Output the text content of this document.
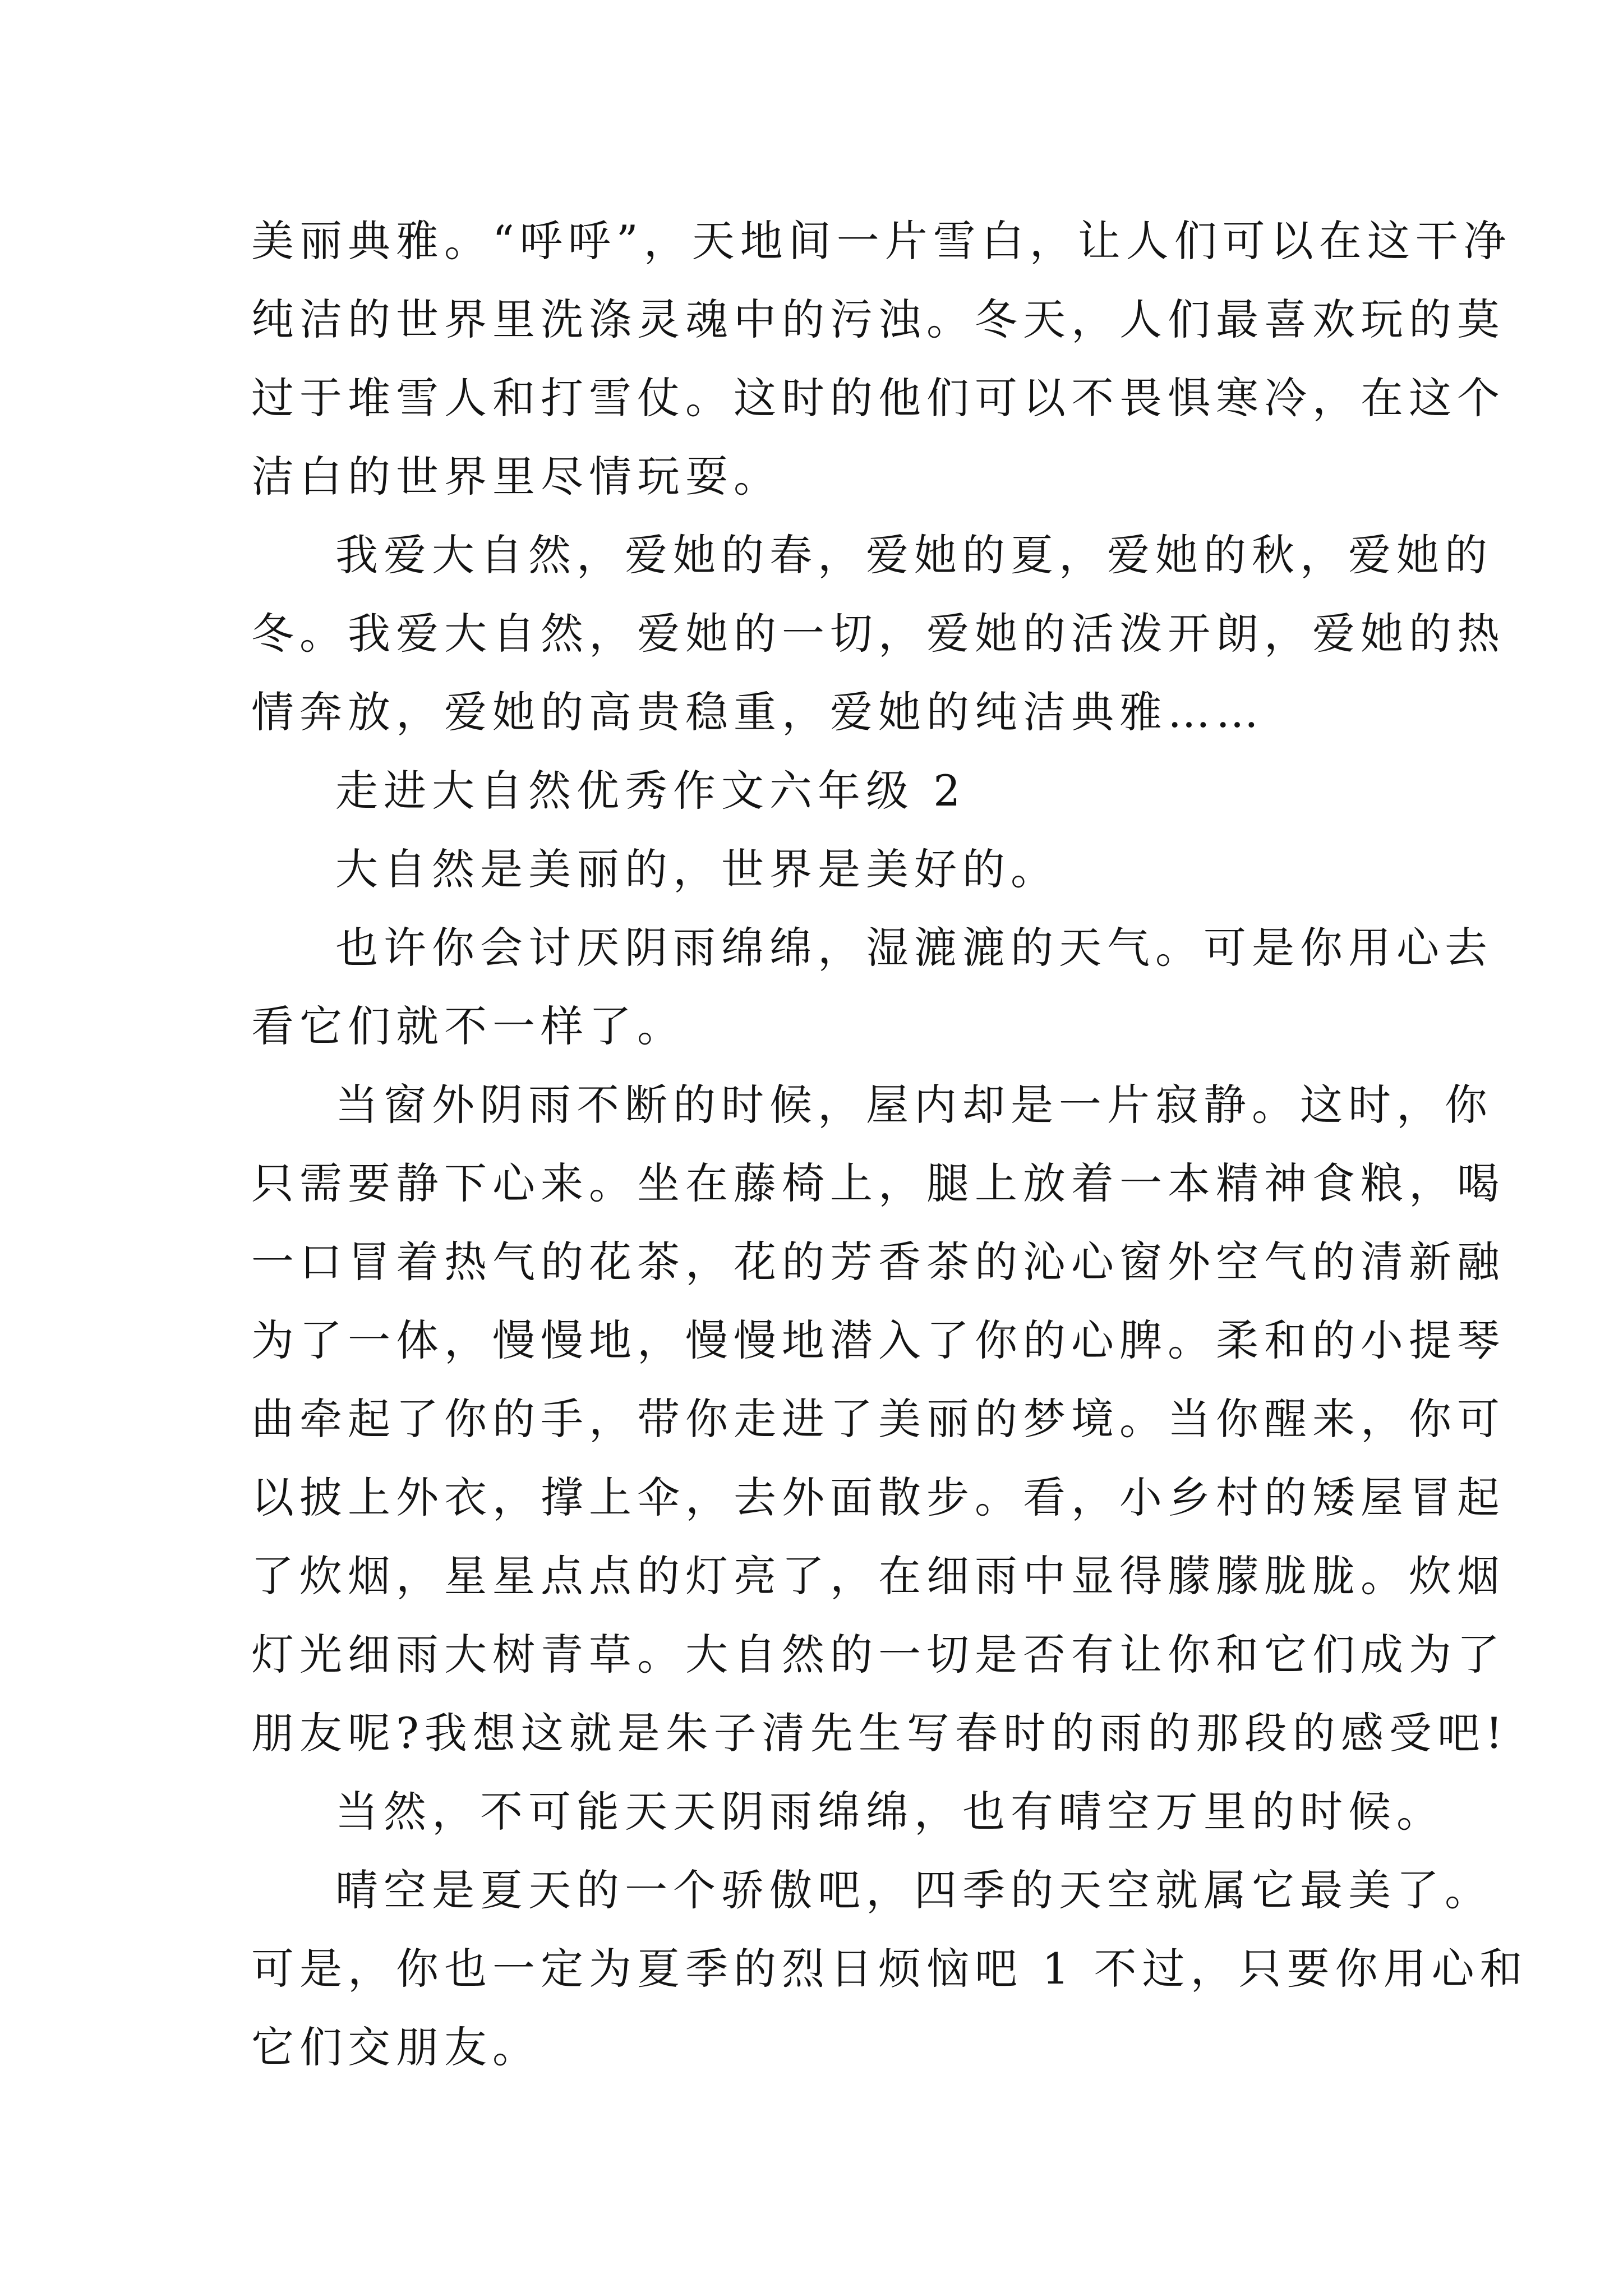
美丽典雅。“呼呼”，天地间一片雪白，让人们可以在这干净
纯洁的世界里洗涤灵魂中的污浊。冬天，人们最喜欢玩的莫
过于堆雪人和打雪仗。这时的他们可以不畏惧寒冷，在这个
洁白的世界里尽情玩耍。
我爱大自然，爱她的春，爱她的夏，爱她的秋，爱她的
冬。我爱大自然，爱她的一切，爱她的活泼开朗，爱她的热
情奔放，爱她的高贵稳重，爱她的纯洁典雅……
走进大自然优秀作文六年级 2
大自然是美丽的，世界是美好的。
也许你会讨厌阴雨绵绵，湿漉漉的天气。可是你用心去
看它们就不一样了。
当窗外阴雨不断的时候，屋内却是一片寂静。这时，你
只需要静下心来。坐在藤椅上，腿上放着一本精神食粮，喝
一口冒着热气的花茶，花的芳香茶的沁心窗外空气的清新融
为了一体，慢慢地，慢慢地潜入了你的心脾。柔和的小提琴
曲牵起了你的手，带你走进了美丽的梦境。当你醒来，你可
以披上外衣，撑上伞，去外面散步。看，小乡村的矮屋冒起
了炊烟，星星点点的灯亮了，在细雨中显得朦朦胧胧。炊烟
灯光细雨大树青草。大自然的一切是否有让你和它们成为了
朋友呢?我想这就是朱子清先生写春时的雨的那段的感受吧!
当然，不可能天天阴雨绵绵，也有晴空万里的时候。
晴空是夏天的一个骄傲吧，四季的天空就属它最美了。
可是，你也一定为夏季的烈日烦恼吧 1 不过，只要你用心和
它们交朋友。
